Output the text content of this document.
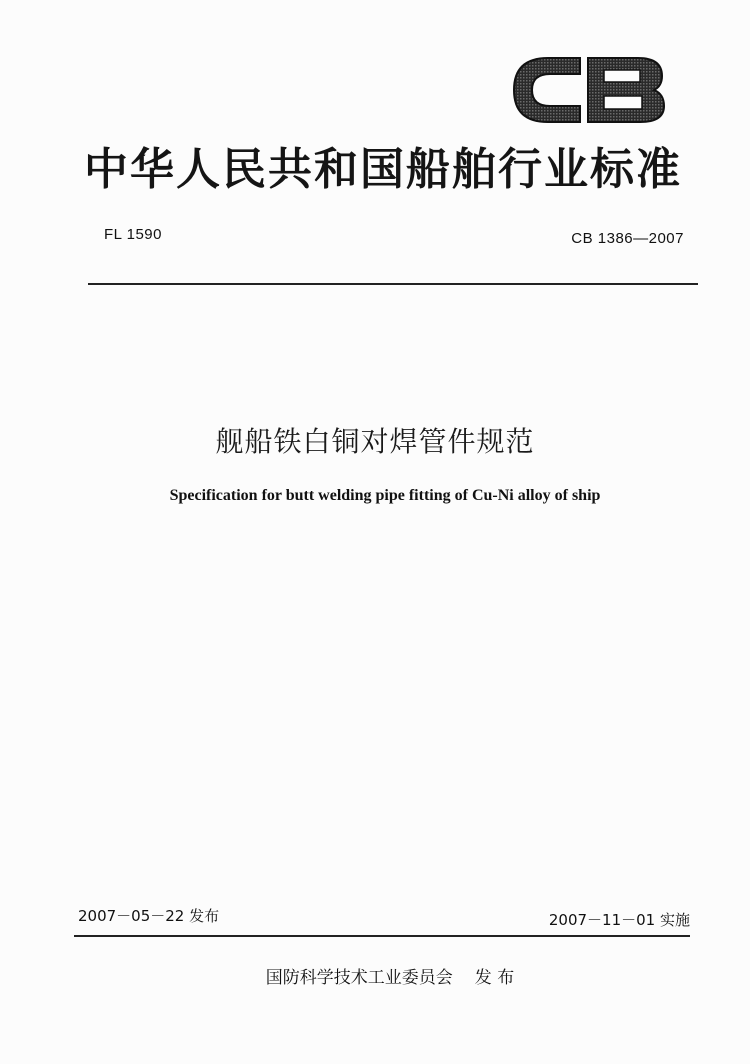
中华人民共和国船舶行业标准
FL 1590	CB 1386—2007
舰船铁白铜对焊管件规范
Specification for butt welding pipe fitting of Cu-Ni alloy of ship
2007－05－22 发布	2007－11－01 实施
国防科学技术工业委员会 发 布
